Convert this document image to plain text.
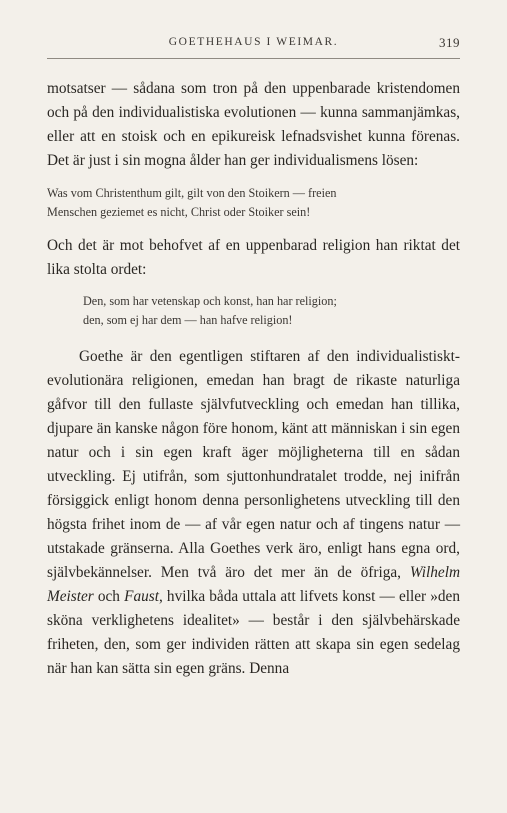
GOETHEHAUS I WEIMAR.	319

motsatser — sådana som tron på den uppenbarade kristendomen och på den individualistiska evolutionen — kunna sammanjämkas, eller att en stoisk och en epikureisk lefnadsvishet kunna förenas. Det är just i sin mogna ålder han ger individualismens lösen:

Was vom Christenthum gilt, gilt von den Stoikern — freien
Menschen geziemet es nicht, Christ oder Stoiker sein!

Och det är mot behofvet af en uppenbarad religion han riktat det lika stolta ordet:

Den, som har vetenskap och konst, han har religion;
den, som ej har dem — han hafve religion!

Goethe är den egentligen stiftaren af den individualistiskt-evolutionära religionen, emedan han bragt de rikaste naturliga gåfvor till den fullaste självfutveckling och emedan han tillika, djupare än kanske någon före honom, känt att människan i sin egen natur och i sin egen kraft äger möjligheterna till en sådan utveckling. Ej utifrån, som sjuttonhundratalet trodde, nej inifrån försiggick enligt honom denna personlighetens utveckling till den högsta frihet inom de — af vår egen natur och af tingens natur — utstakade gränserna. Alla Goethes verk äro, enligt hans egna ord, självbekännelser. Men två äro det mer än de öfriga, Wilhelm Meister och Faust, hvilka båda uttala att lifvets konst — eller »den sköna verklighetens idealitet» — består i den självbehärskade friheten, den, som ger individen rätten att skapa sin egen sedelag när han kan sätta sin egen gräns. Denna
